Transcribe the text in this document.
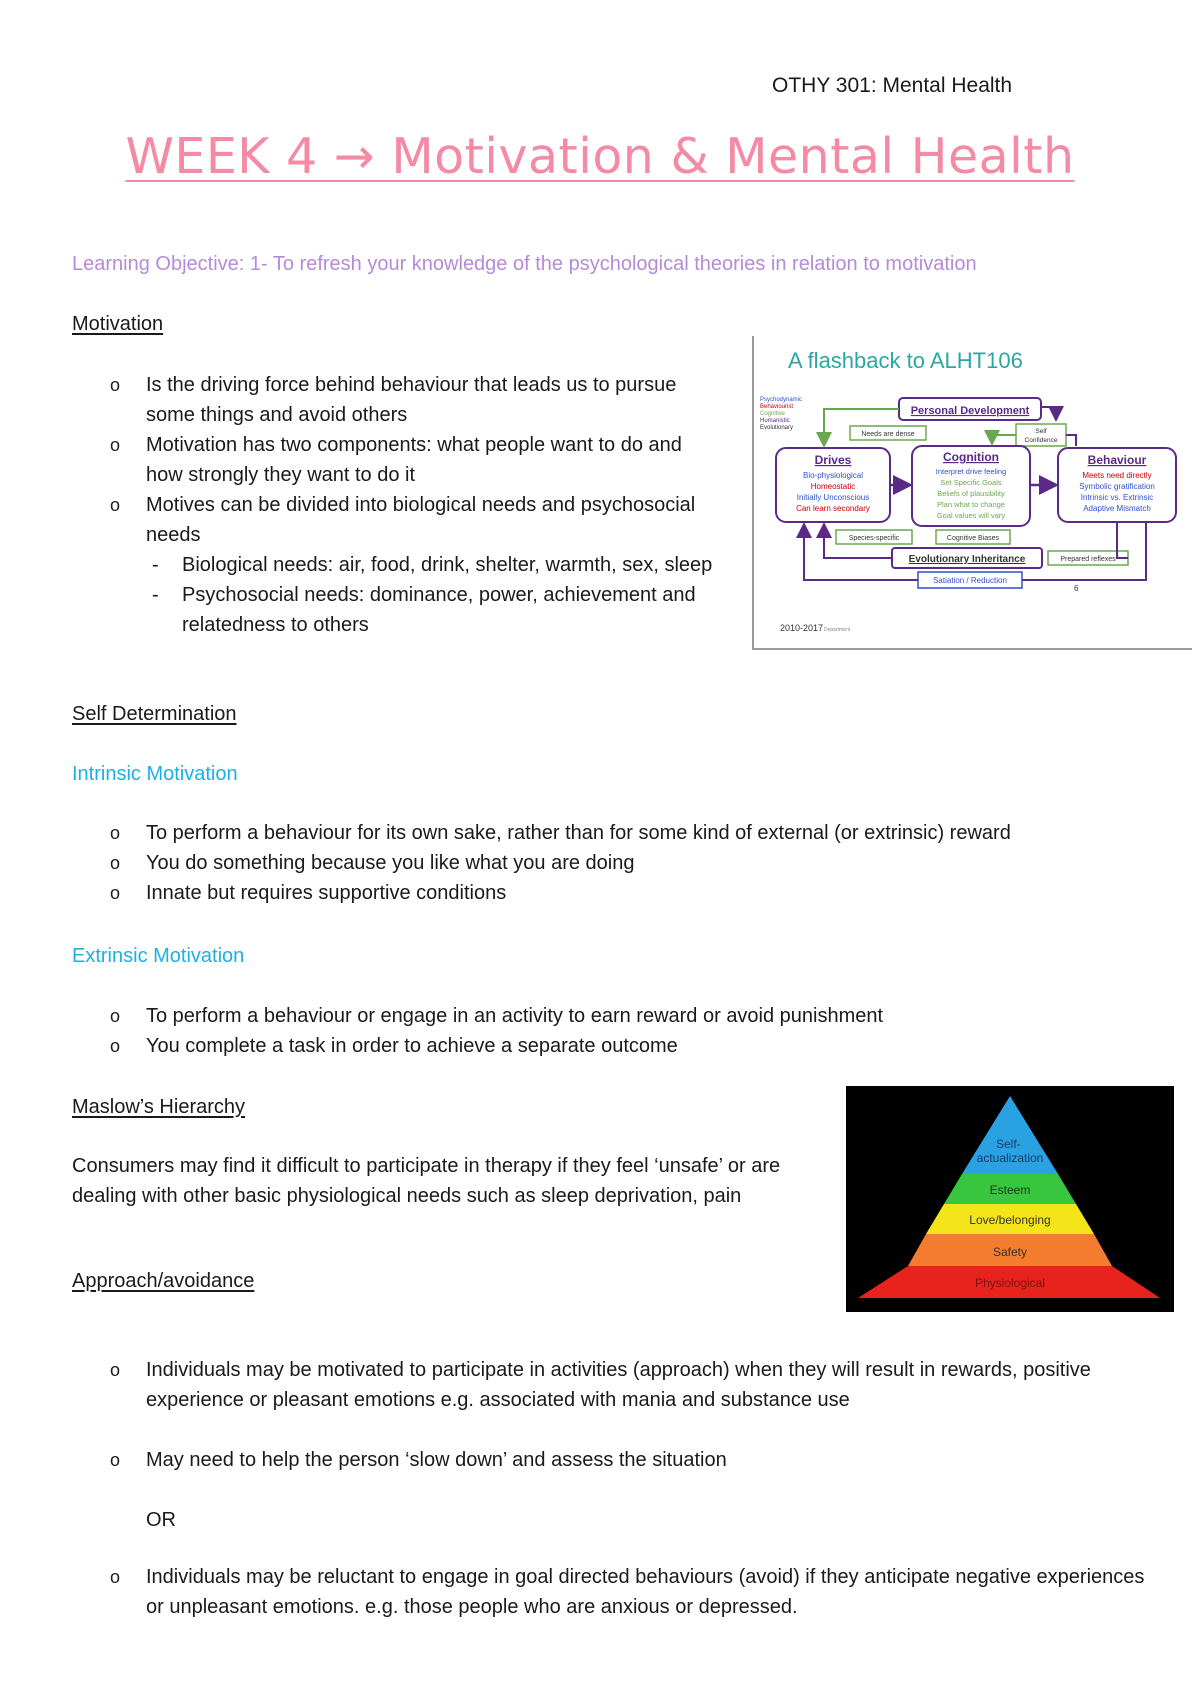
OTHY 301: Mental Health
WEEK 4 → Motivation & Mental Health
Learning Objective: 1- To refresh your knowledge of the psychological theories in relation to motivation
Motivation
o Is the driving force behind behaviour that leads us to pursue some things and avoid others
o Motivation has two components: what people want to do and how strongly they want to do it
o Motives can be divided into biological needs and psychosocial needs
- Biological needs: air, food, drink, shelter, warmth, sex, sleep
- Psychosocial needs: dominance, power, achievement and relatedness to others
A flashback to ALHT106
Psychodynamic
Behaviourist
Cognitive
Humanistic
Evolutionary
Personal Development
Needs are dense	Self
Confidence
Drives
Bio-physiological
Homeostatic
Initially Unconscious
Can learn secondary
Cognition
Interpret drive feeling
Set Specific Goals
Beliefs of plausibility
Plan what to change
Goal values will vary
Behaviour
Meets need directly
Symbolic gratification
Intrinsic vs. Extrinsic
Adaptive Mismatch
Species-specific	Cognitive Biases
Evolutionary Inheritance	Prepared reflexes
Satiation / Reduction
6
2010-2017 Department
Self Determination
Intrinsic Motivation
o To perform a behaviour for its own sake, rather than for some kind of external (or extrinsic) reward
o You do something because you like what you are doing
o Innate but requires supportive conditions
Extrinsic Motivation
o To perform a behaviour or engage in an activity to earn reward or avoid punishment
o You complete a task in order to achieve a separate outcome
Maslow’s Hierarchy
Consumers may find it difficult to participate in therapy if they feel ‘unsafe’ or are dealing with other basic physiological needs such as sleep deprivation, pain
Self- actualization
Esteem
Love/belonging
Safety
Physiological
Approach/avoidance
o Individuals may be motivated to participate in activities (approach) when they will result in rewards, positive experience or pleasant emotions e.g. associated with mania and substance use
o May need to help the person ‘slow down’ and assess the situation
OR
o Individuals may be reluctant to engage in goal directed behaviours (avoid) if they anticipate negative experiences or unpleasant emotions. e.g. those people who are anxious or depressed.
